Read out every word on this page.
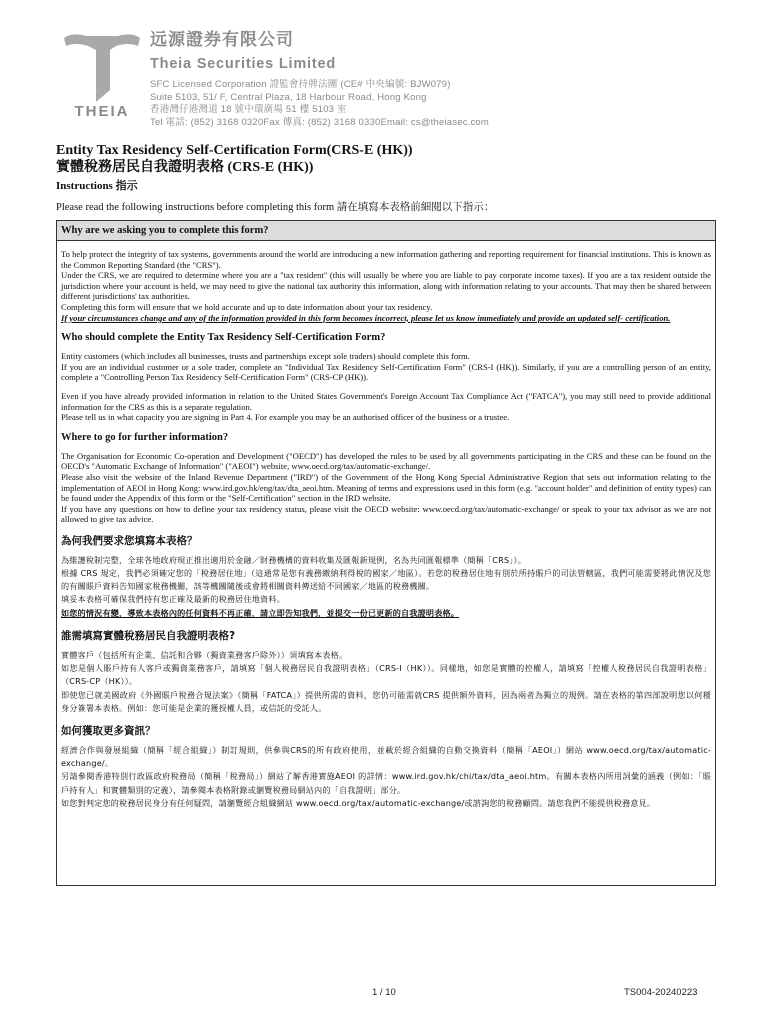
THEIA
远源證券有限公司
Theia Securities Limited
SFC Licensed Corporation 證監會持牌法團 (CE# 中央編號: BJW079)
Suite 5103, 51/ F, Central Plaza, 18 Harbour Road, Hong Kong
香港灣仔港灣道 18 號中環廣場 51 樓 5103 室
Tel 電話: (852) 3168 0320Fax 傳真: (852) 3168 0330Email: cs@theiasec.com
Entity Tax Residency Self-Certification Form(CRS-E (HK))
實體稅務居民自我證明表格 (CRS-E (HK))
Instructions 指示
Please read the following instructions before completing this form 請在填寫本表格前細閱以下指示：
Why are we asking you to complete this form?

To help protect the integrity of tax systems, governments around the world are introducing a new information gathering and reporting requirement for financial institutions. This is known as the Common Reporting Standard (the "CRS").

Under the CRS, we are required to determine where you are a "tax resident" (this will usually be where you are liable to pay corporate income taxes). If you are a tax resident outside the jurisdiction where your account is held, we may need to give the national tax authority this information, along with information relating to your accounts. That may then be shared between different jurisdictions' tax authorities.

Completing this form will ensure that we hold accurate and up to date information about your tax residency.

If your circumstances change and any of the information provided in this form becomes incorrect, please let us know immediately and provide an updated self- certification.

Who should complete the Entity Tax Residency Self-Certification Form?

Entity customers (which includes all businesses, trusts and partnerships except sole traders) should complete this form.

If you are an individual customer or a sole trader, complete an "Individual Tax Residency Self-Certification Form" (CRS-I (HK)). Similarly, if you are a controlling person of an entity, complete a "Controlling Person Tax Residency Self-Certification Form" (CRS-CP (HK)).

Even if you have already provided information in relation to the United States Government's Foreign Account Tax Compliance Act ("FATCA"), you may still need to provide additional information for the CRS as this is a separate regulation.

Please tell us in what capacity you are signing in Part 4. For example you may be an authorised officer of the business or a trustee.

Where to go for further information?

The Organisation for Economic Co-operation and Development ("OECD") has developed the rules to be used by all governments participating in the CRS and these can be found on the OECD's "Automatic Exchange of Information" ("AEOI") website, www.oecd.org/tax/automatic-exchange/.

Please also visit the website of the Inland Revenue Department ("IRD") of the Government of the Hong Kong Special Administrative Region that sets out information relating to the implementation of AEOI in Hong Kong: www.ird.gov.hk/eng/tax/dta_aeoi.htm. Meaning of terms and expressions used in this form (e.g. "account holder" and definition of entity types) can be found under the Appendix of this form or the "Self-Certification" section in the IRD website.

If you have any questions on how to define your tax residency status, please visit the OECD website: www.oecd.org/tax/automatic-exchange/ or speak to your tax advisor as we are not allowed to give tax advice.

為何我們要求您填寫本表格？

為維護稅制完整，全球各地政府現正推出適用於金融／財務機構的資料收集及匯報新規例，名為共同匯報標準（簡稱「CRS」）。

根據 CRS 規定，我們必須確定您的「稅務居住地」（這通常是您有義務繳納利得稅的國家／地區）。若您的稅務居住地有別於所持賬戶的司法管轄區，我們可能需要將此情況及您的有關賬戶資料告知國家稅務機關，該等機關隨後或會將相關資料傳送給不同國家／地區的稅務機關。

填妥本表格可確保我們持有您正確及最新的稅務居住地資料。

如您的情況有變，導致本表格內的任何資料不再正確，請立即告知我們，並提交一份已更新的自我證明表格。

誰需填寫實體稅務居民自我證明表格?

實體客戶（包括所有企業、信託和合夥（獨資業務客戶除外））須填寫本表格。

如您是個人賬戶持有人客戶或獨資業務客戶，請填寫「個人稅務居民自我證明表格」（CRS-I（HK））。同樣地，如您是實體的控權人，請填寫「控權人稅務居民自我證明表格」（CRS-CP（HK））。

即使您已就美國政府《外國賬戶稅務合規法案》（簡稱「FATCA」）提供所需的資料，您仍可能需就CRS 提供額外資料，因為兩者為獨立的規例。請在表格的第四部說明您以何種身分簽署本表格。例如：您可能是企業的獲授權人員，或信託的受託人。

如何獲取更多資訊？

經濟合作與發展組織（簡稱「經合組織」）制訂規則，供參與CRS的所有政府使用，並載於經合組織的自動交換資料（簡稱「AEOI」）網站 www.oecd.org/tax/automatic-exchange/。

另請參閱香港特別行政區政府稅務局（簡稱「稅務局」）網站了解香港實施AEOI 的詳情：www.ird.gov.hk/chi/tax/dta_aeoi.htm。有關本表格內所用詞彙的涵義（例如：「賬戶持有人」和實體類別的定義），請參閱本表格附錄或瀏覽稅務局網站內的「自我證明」部分。

如您對判定您的稅務居民身分有任何疑問，請瀏覽經合組織網站 www.oecd.org/tax/automatic-exchange/或諮詢您的稅務顧問。請您我們不能提供稅務意見。

1 / 10	TS004-20240223
